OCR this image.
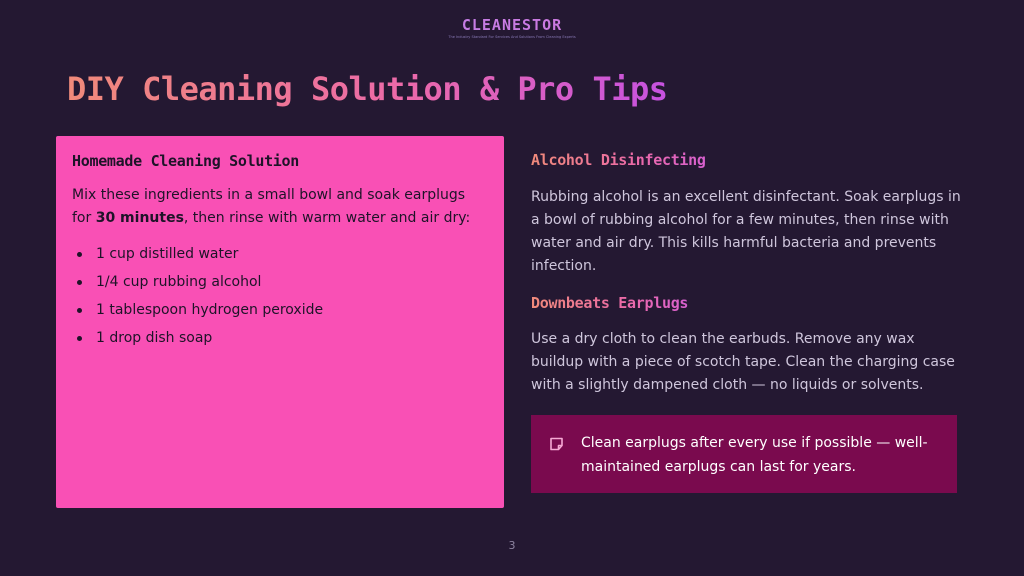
CLEANESTOR
The Industry Standard For Services And Solutions From Cleaning Experts
DIY Cleaning Solution & Pro Tips
Homemade Cleaning Solution

Mix these ingredients in a small bowl and soak earplugs for 30 minutes, then rinse with warm water and air dry:

1 cup distilled water
1/4 cup rubbing alcohol
1 tablespoon hydrogen peroxide
1 drop dish soap
Alcohol Disinfecting

Rubbing alcohol is an excellent disinfectant. Soak earplugs in a bowl of rubbing alcohol for a few minutes, then rinse with water and air dry. This kills harmful bacteria and prevents infection.

Downbeats Earplugs

Use a dry cloth to clean the earbuds. Remove any wax buildup with a piece of scotch tape. Clean the charging case with a slightly dampened cloth — no liquids or solvents.

Clean earplugs after every use if possible — well-maintained earplugs can last for years.

3
